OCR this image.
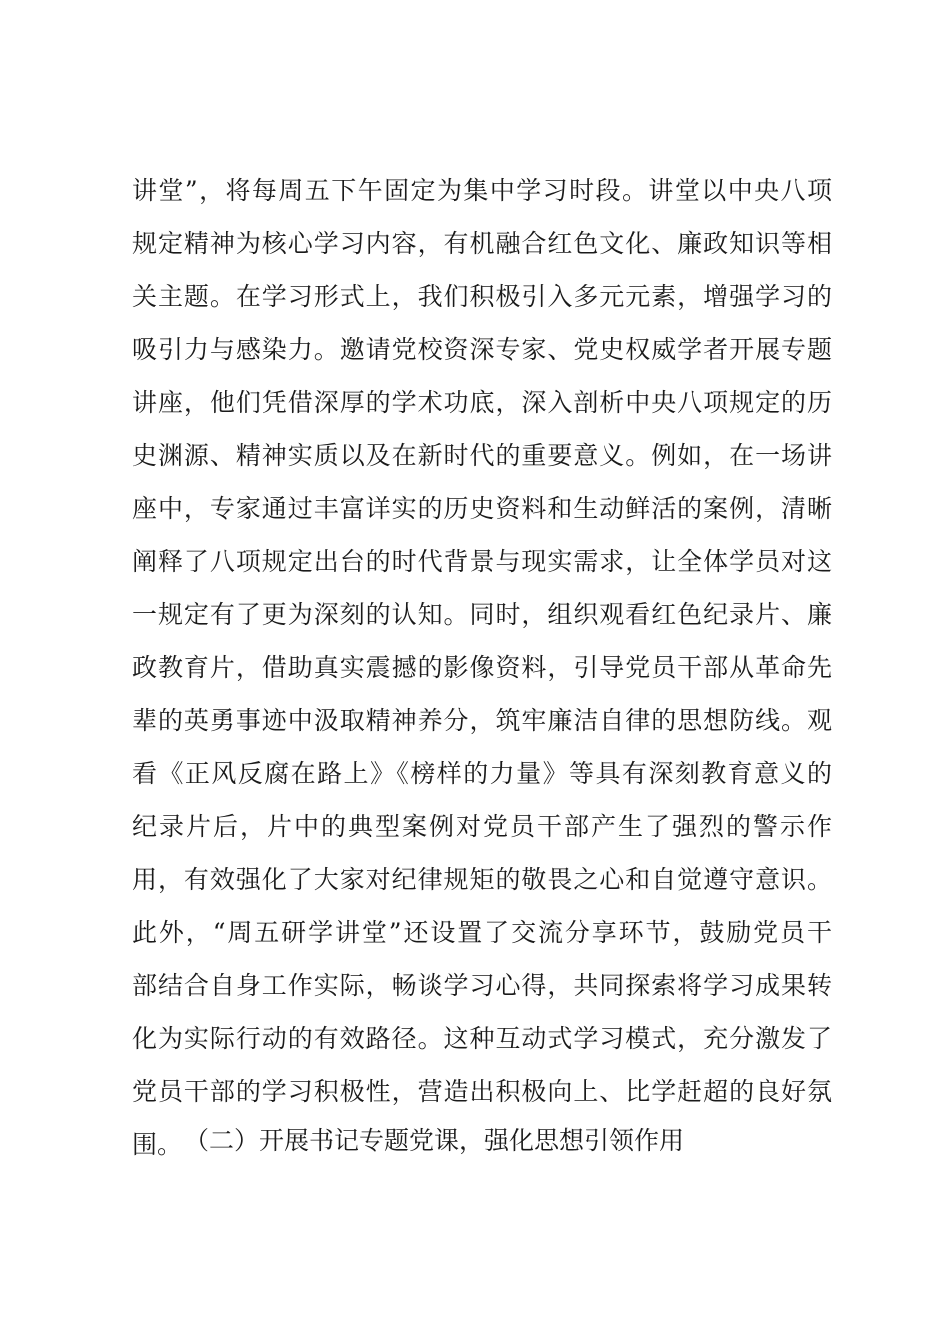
讲堂”，将每周五下午固定为集中学习时段。讲堂以中央八项
规定精神为核心学习内容，有机融合红色文化、廉政知识等相
关主题。在学习形式上，我们积极引入多元元素，增强学习的
吸引力与感染力。邀请党校资深专家、党史权威学者开展专题
讲座，他们凭借深厚的学术功底，深入剖析中央八项规定的历
史渊源、精神实质以及在新时代的重要意义。例如，在一场讲
座中，专家通过丰富详实的历史资料和生动鲜活的案例，清晰
阐释了八项规定出台的时代背景与现实需求，让全体学员对这
一规定有了更为深刻的认知。同时，组织观看红色纪录片、廉
政教育片，借助真实震撼的影像资料，引导党员干部从革命先
辈的英勇事迹中汲取精神养分，筑牢廉洁自律的思想防线。观
看《正风反腐在路上》《榜样的力量》等具有深刻教育意义的
纪录片后，片中的典型案例对党员干部产生了强烈的警示作
用，有效强化了大家对纪律规矩的敬畏之心和自觉遵守意识。
此外，“周五研学讲堂”还设置了交流分享环节，鼓励党员干
部结合自身工作实际，畅谈学习心得，共同探索将学习成果转
化为实际行动的有效路径。这种互动式学习模式，充分激发了
党员干部的学习积极性，营造出积极向上、比学赶超的良好氛
围。 （二）开展书记专题党课，强化思想引领作用
